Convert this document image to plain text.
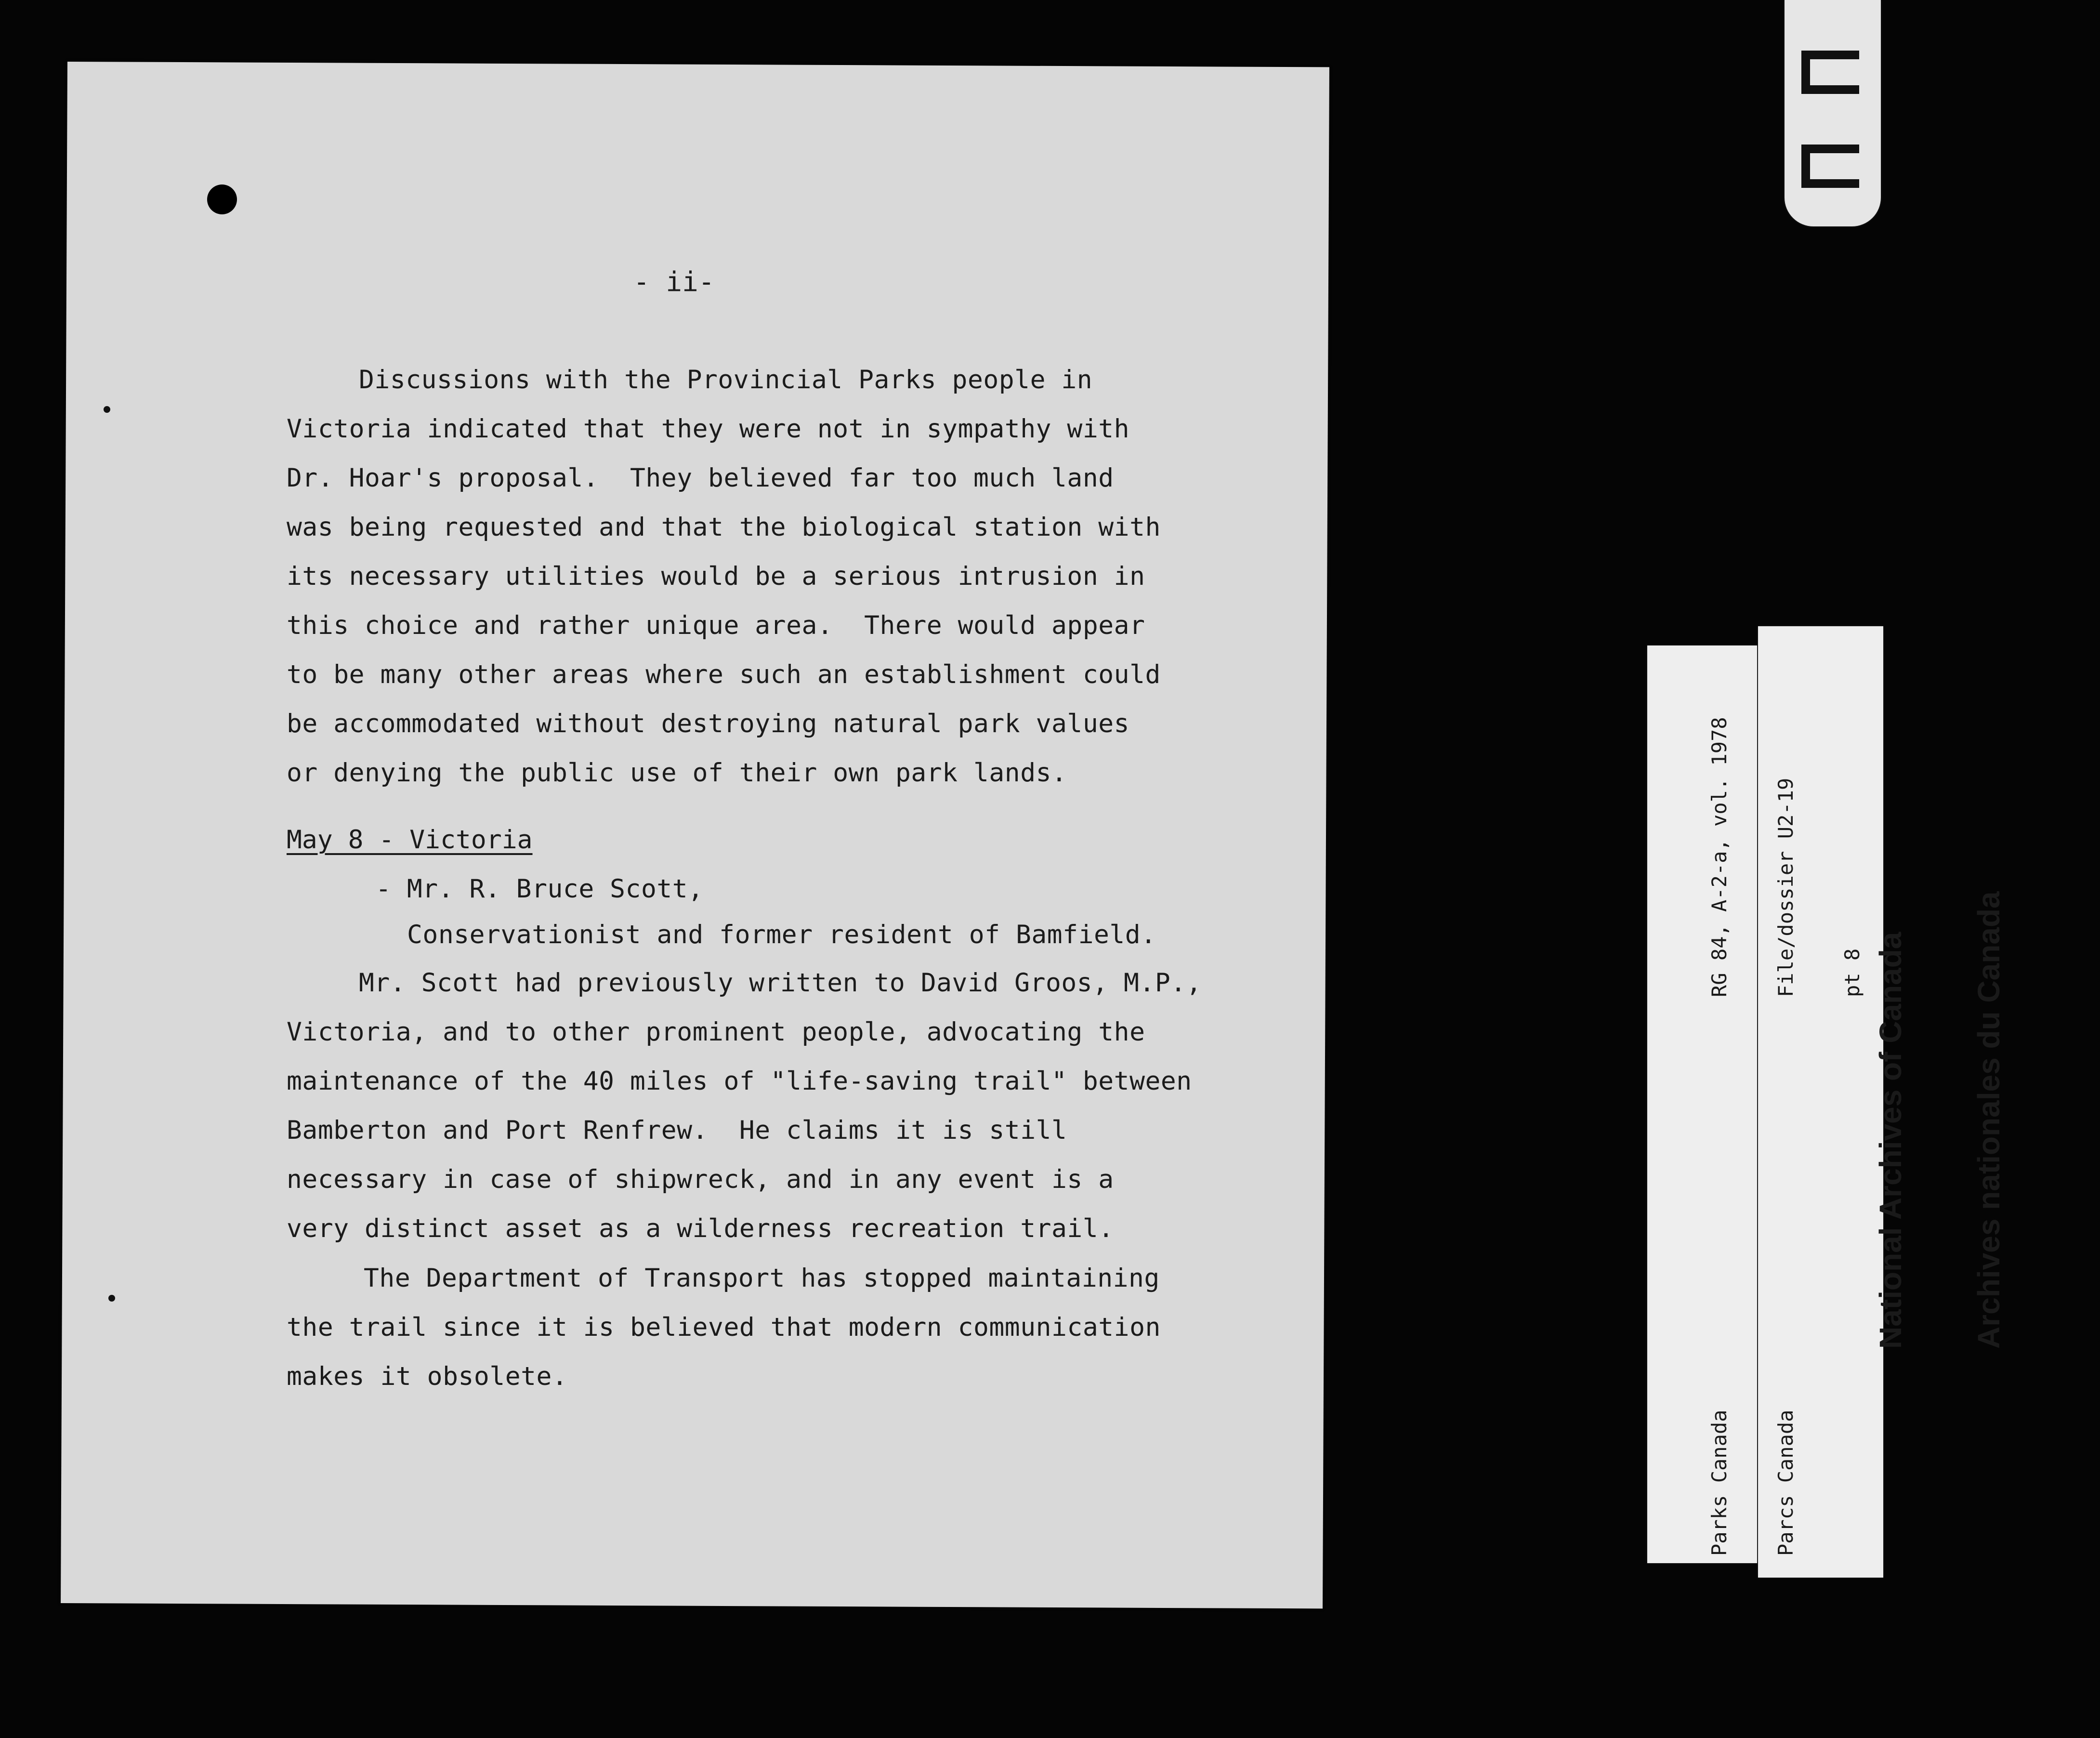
- ii-
Discussions with the Provincial Parks people in
Victoria indicated that they were not in sympathy with
Dr. Hoar's proposal.  They believed far too much land
was being requested and that the biological station with
its necessary utilities would be a serious intrusion in
this choice and rather unique area.  There would appear
to be many other areas where such an establishment could
be accommodated without destroying natural park values
or denying the public use of their own park lands.
May 8 - Victoria
- Mr. R. Bruce Scott,
Conservationist and former resident of Bamfield.
Mr. Scott had previously written to David Groos, M.P.,
Victoria, and to other prominent people, advocating the
maintenance of the 40 miles of "life-saving trail" between
Bamberton and Port Renfrew.  He claims it is still
necessary in case of shipwreck, and in any event is a
very distinct asset as a wilderness recreation trail.
The Department of Transport has stopped maintaining
the trail since it is believed that modern communication
makes it obsolete.

RG 84, A-2-a, vol. 1978

File/dossier U2-19

pt 8

Parks Canada

Parcs Canada

National Archives of Canada

Archives nationales du Canada
